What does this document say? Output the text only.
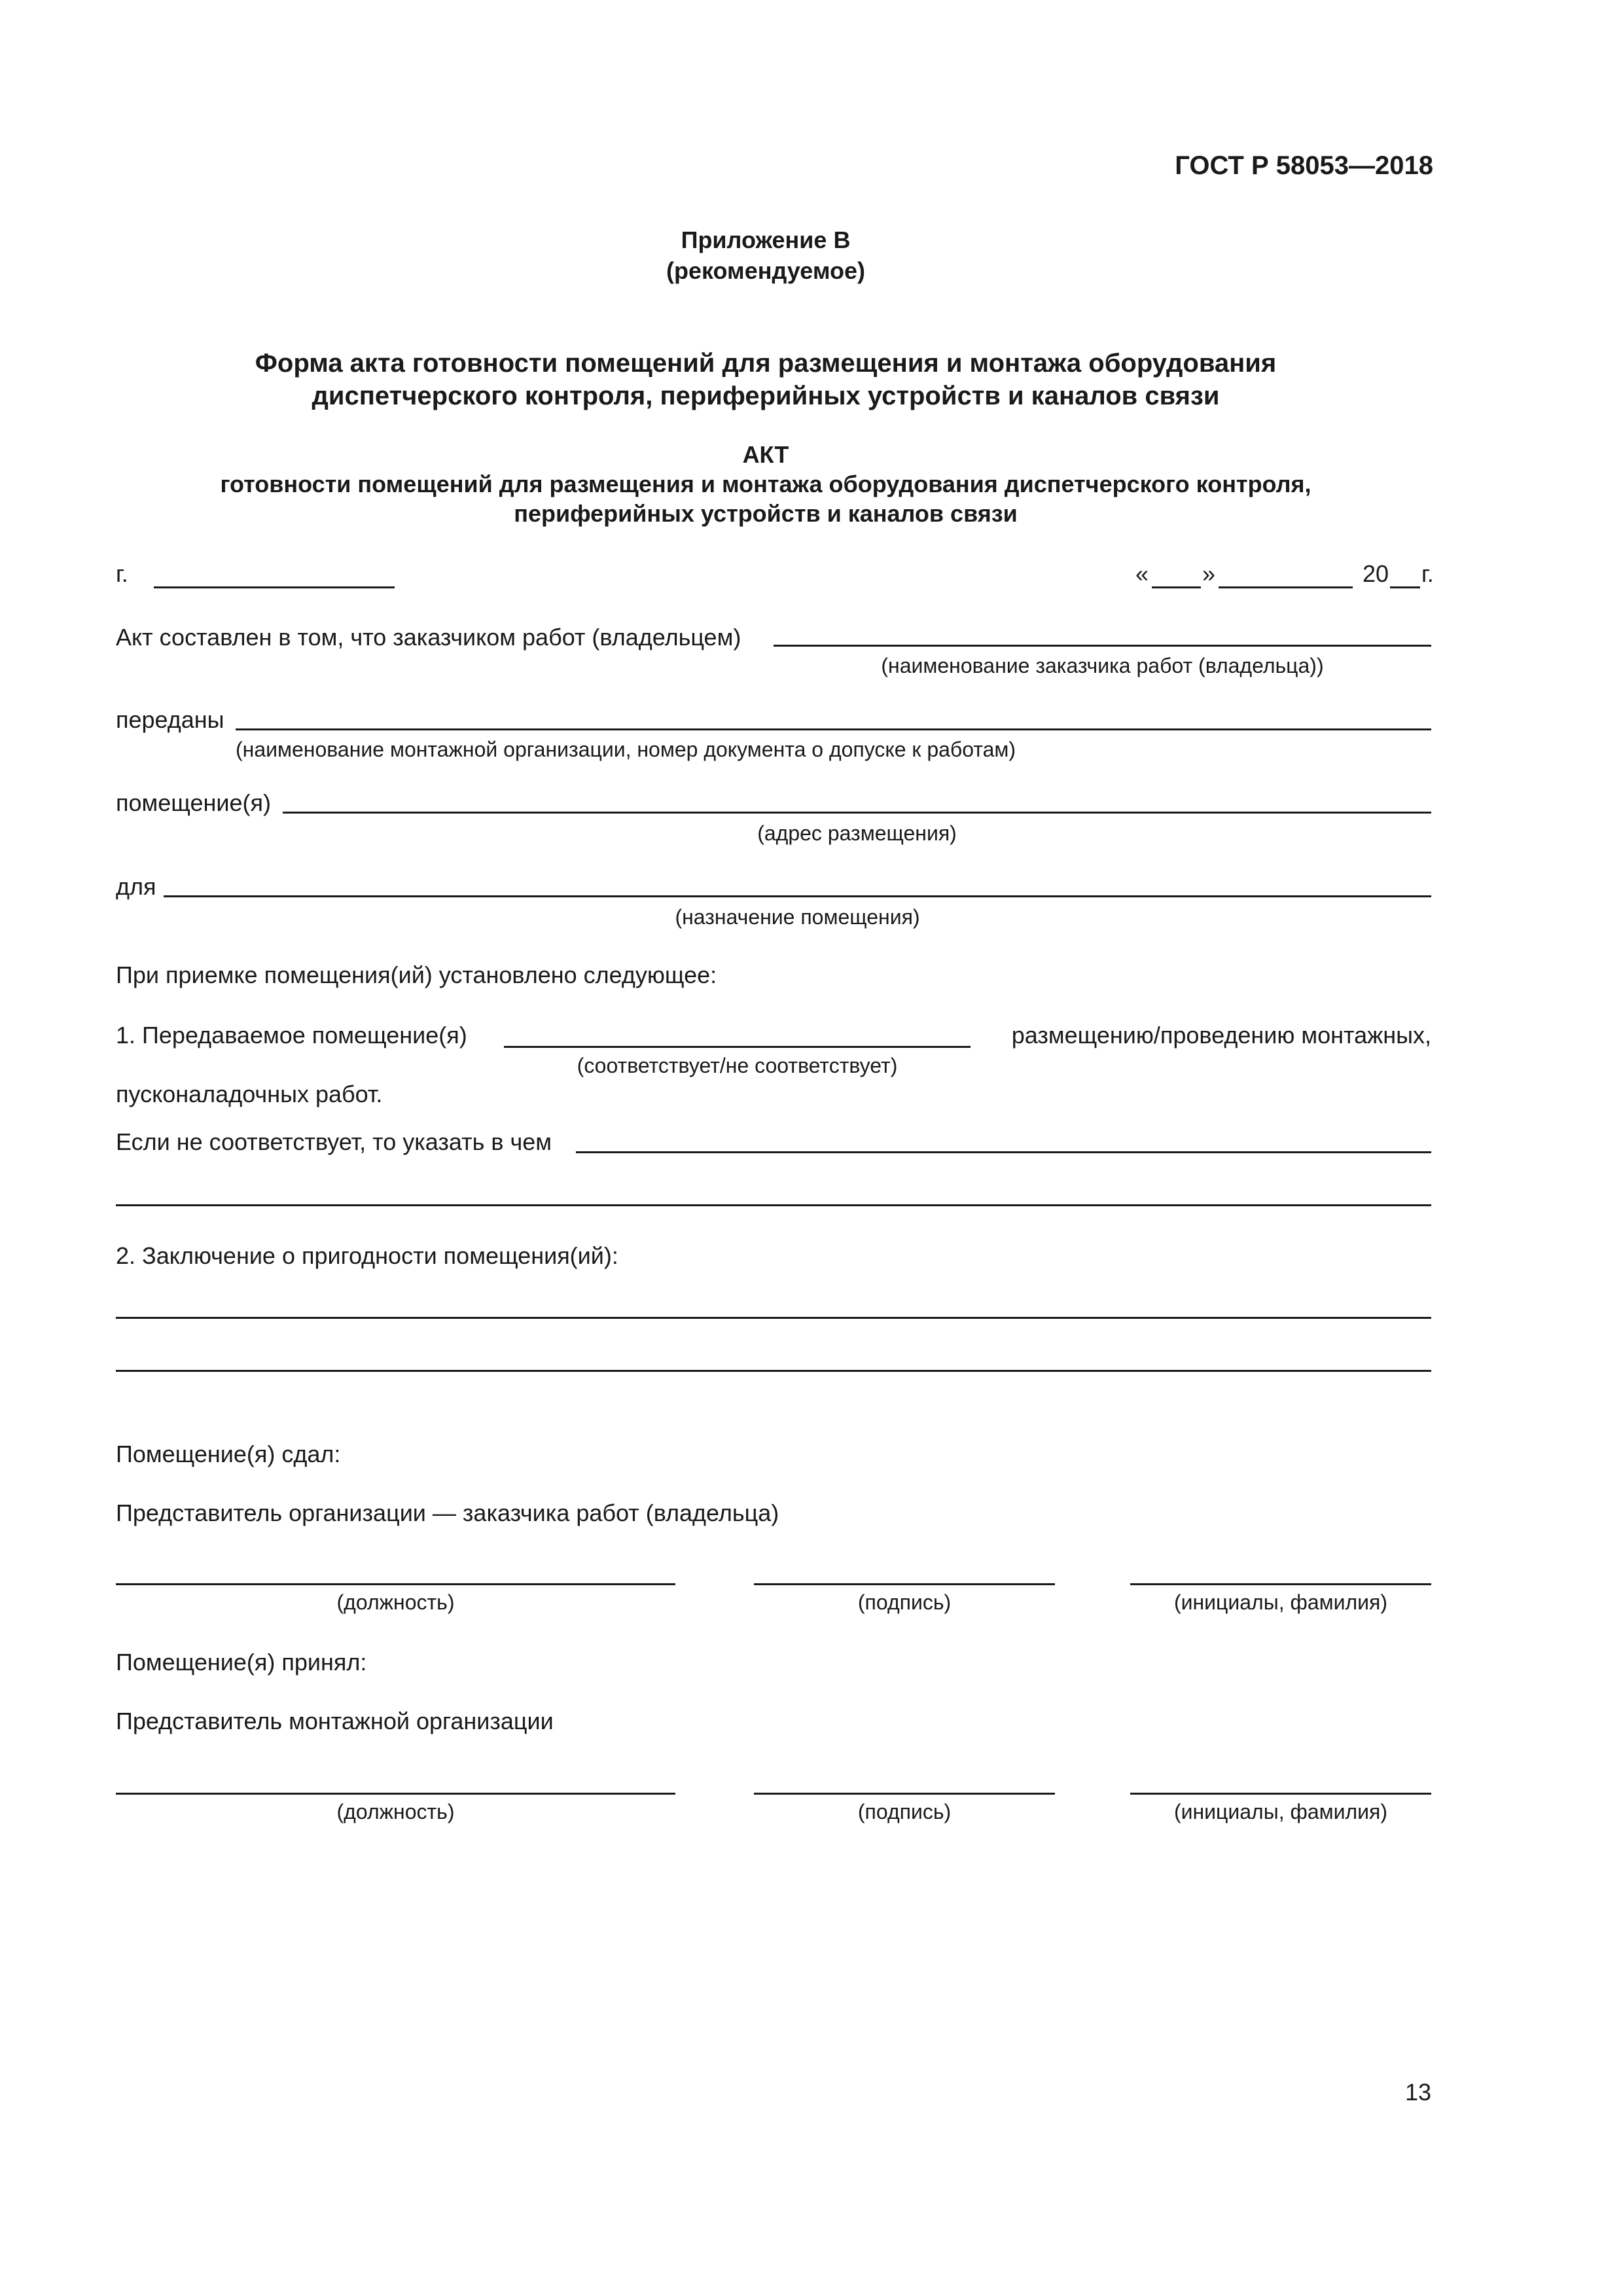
ГОСТ Р 58053—2018
Приложение В
(рекомендуемое)
Форма акта готовности помещений для размещения и монтажа оборудования
диспетчерского контроля, периферийных устройств и каналов связи
АКТ
готовности помещений для размещения и монтажа оборудования диспетчерского контроля,
периферийных устройств и каналов связи
г.	« »	20 г.
Акт составлен в том, что заказчиком работ (владельцем)
(наименование заказчика работ (владельца))
переданы
(наименование монтажной организации, номер документа о допуске к работам)
помещение(я)
(адрес размещения)
для
(назначение помещения)
При приемке помещения(ий) установлено следующее:
1. Передаваемое помещение(я)	размещению/проведению монтажных,
(соответствует/не соответствует)
пусконаладочных работ.
Если не соответствует, то указать в чем
2. Заключение о пригодности помещения(ий):
Помещение(я) сдал:
Представитель организации — заказчика работ (владельца)
(должность)	(подпись)	(инициалы, фамилия)
Помещение(я) принял:
Представитель монтажной организации
(должность)	(подпись)	(инициалы, фамилия)
13
